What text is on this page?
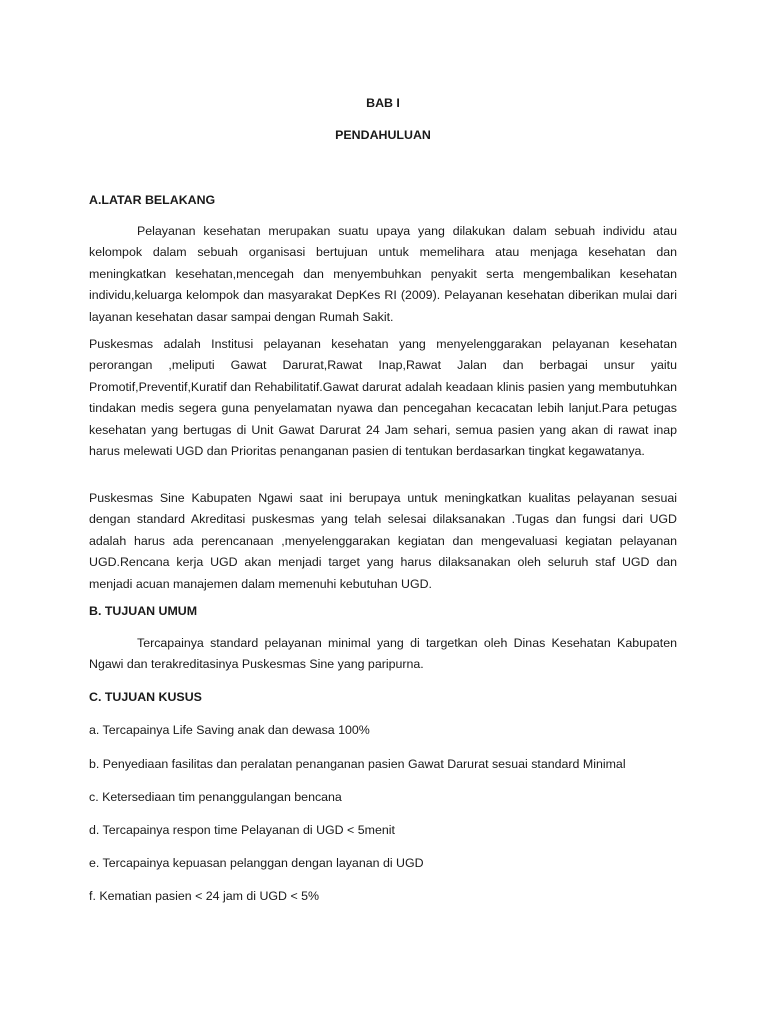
BAB I
PENDAHULUAN
A.LATAR BELAKANG

Pelayanan kesehatan merupakan suatu upaya yang dilakukan dalam sebuah individu atau kelompok dalam sebuah organisasi bertujuan untuk memelihara atau menjaga kesehatan dan meningkatkan kesehatan,mencegah dan menyembuhkan penyakit serta mengembalikan kesehatan individu,keluarga kelompok dan masyarakat DepKes RI (2009). Pelayanan kesehatan diberikan mulai dari layanan kesehatan dasar sampai dengan Rumah Sakit.

Puskesmas adalah Institusi pelayanan kesehatan yang menyelenggarakan pelayanan kesehatan perorangan ,meliputi Gawat Darurat,Rawat Inap,Rawat Jalan dan berbagai unsur yaitu Promotif,Preventif,Kuratif dan Rehabilitatif.Gawat darurat adalah keadaan klinis pasien yang membutuhkan tindakan medis segera guna penyelamatan nyawa dan pencegahan kecacatan lebih lanjut.Para petugas kesehatan yang bertugas di Unit Gawat Darurat 24 Jam sehari, semua pasien yang akan di rawat inap harus melewati UGD dan Prioritas penanganan pasien di tentukan berdasarkan tingkat kegawatanya.

Puskesmas Sine Kabupaten Ngawi saat ini berupaya untuk meningkatkan kualitas pelayanan sesuai dengan standard Akreditasi puskesmas yang telah selesai dilaksanakan .Tugas dan fungsi dari UGD adalah harus ada perencanaan ,menyelenggarakan kegiatan dan mengevaluasi kegiatan pelayanan UGD.Rencana kerja UGD akan menjadi target yang harus dilaksanakan oleh seluruh staf UGD dan menjadi acuan manajemen dalam memenuhi kebutuhan UGD.

B. TUJUAN UMUM

Tercapainya standard pelayanan minimal yang di targetkan oleh Dinas Kesehatan Kabupaten Ngawi dan terakreditasinya Puskesmas Sine yang paripurna.

C. TUJUAN KUSUS
a. Tercapainya Life Saving anak dan dewasa 100%
b. Penyediaan fasilitas dan peralatan penanganan pasien Gawat Darurat sesuai standard Minimal
c. Ketersediaan tim penanggulangan bencana
d. Tercapainya respon time Pelayanan di UGD < 5menit
e. Tercapainya kepuasan pelanggan dengan layanan di UGD
f. Kematian pasien < 24 jam di UGD < 5%
